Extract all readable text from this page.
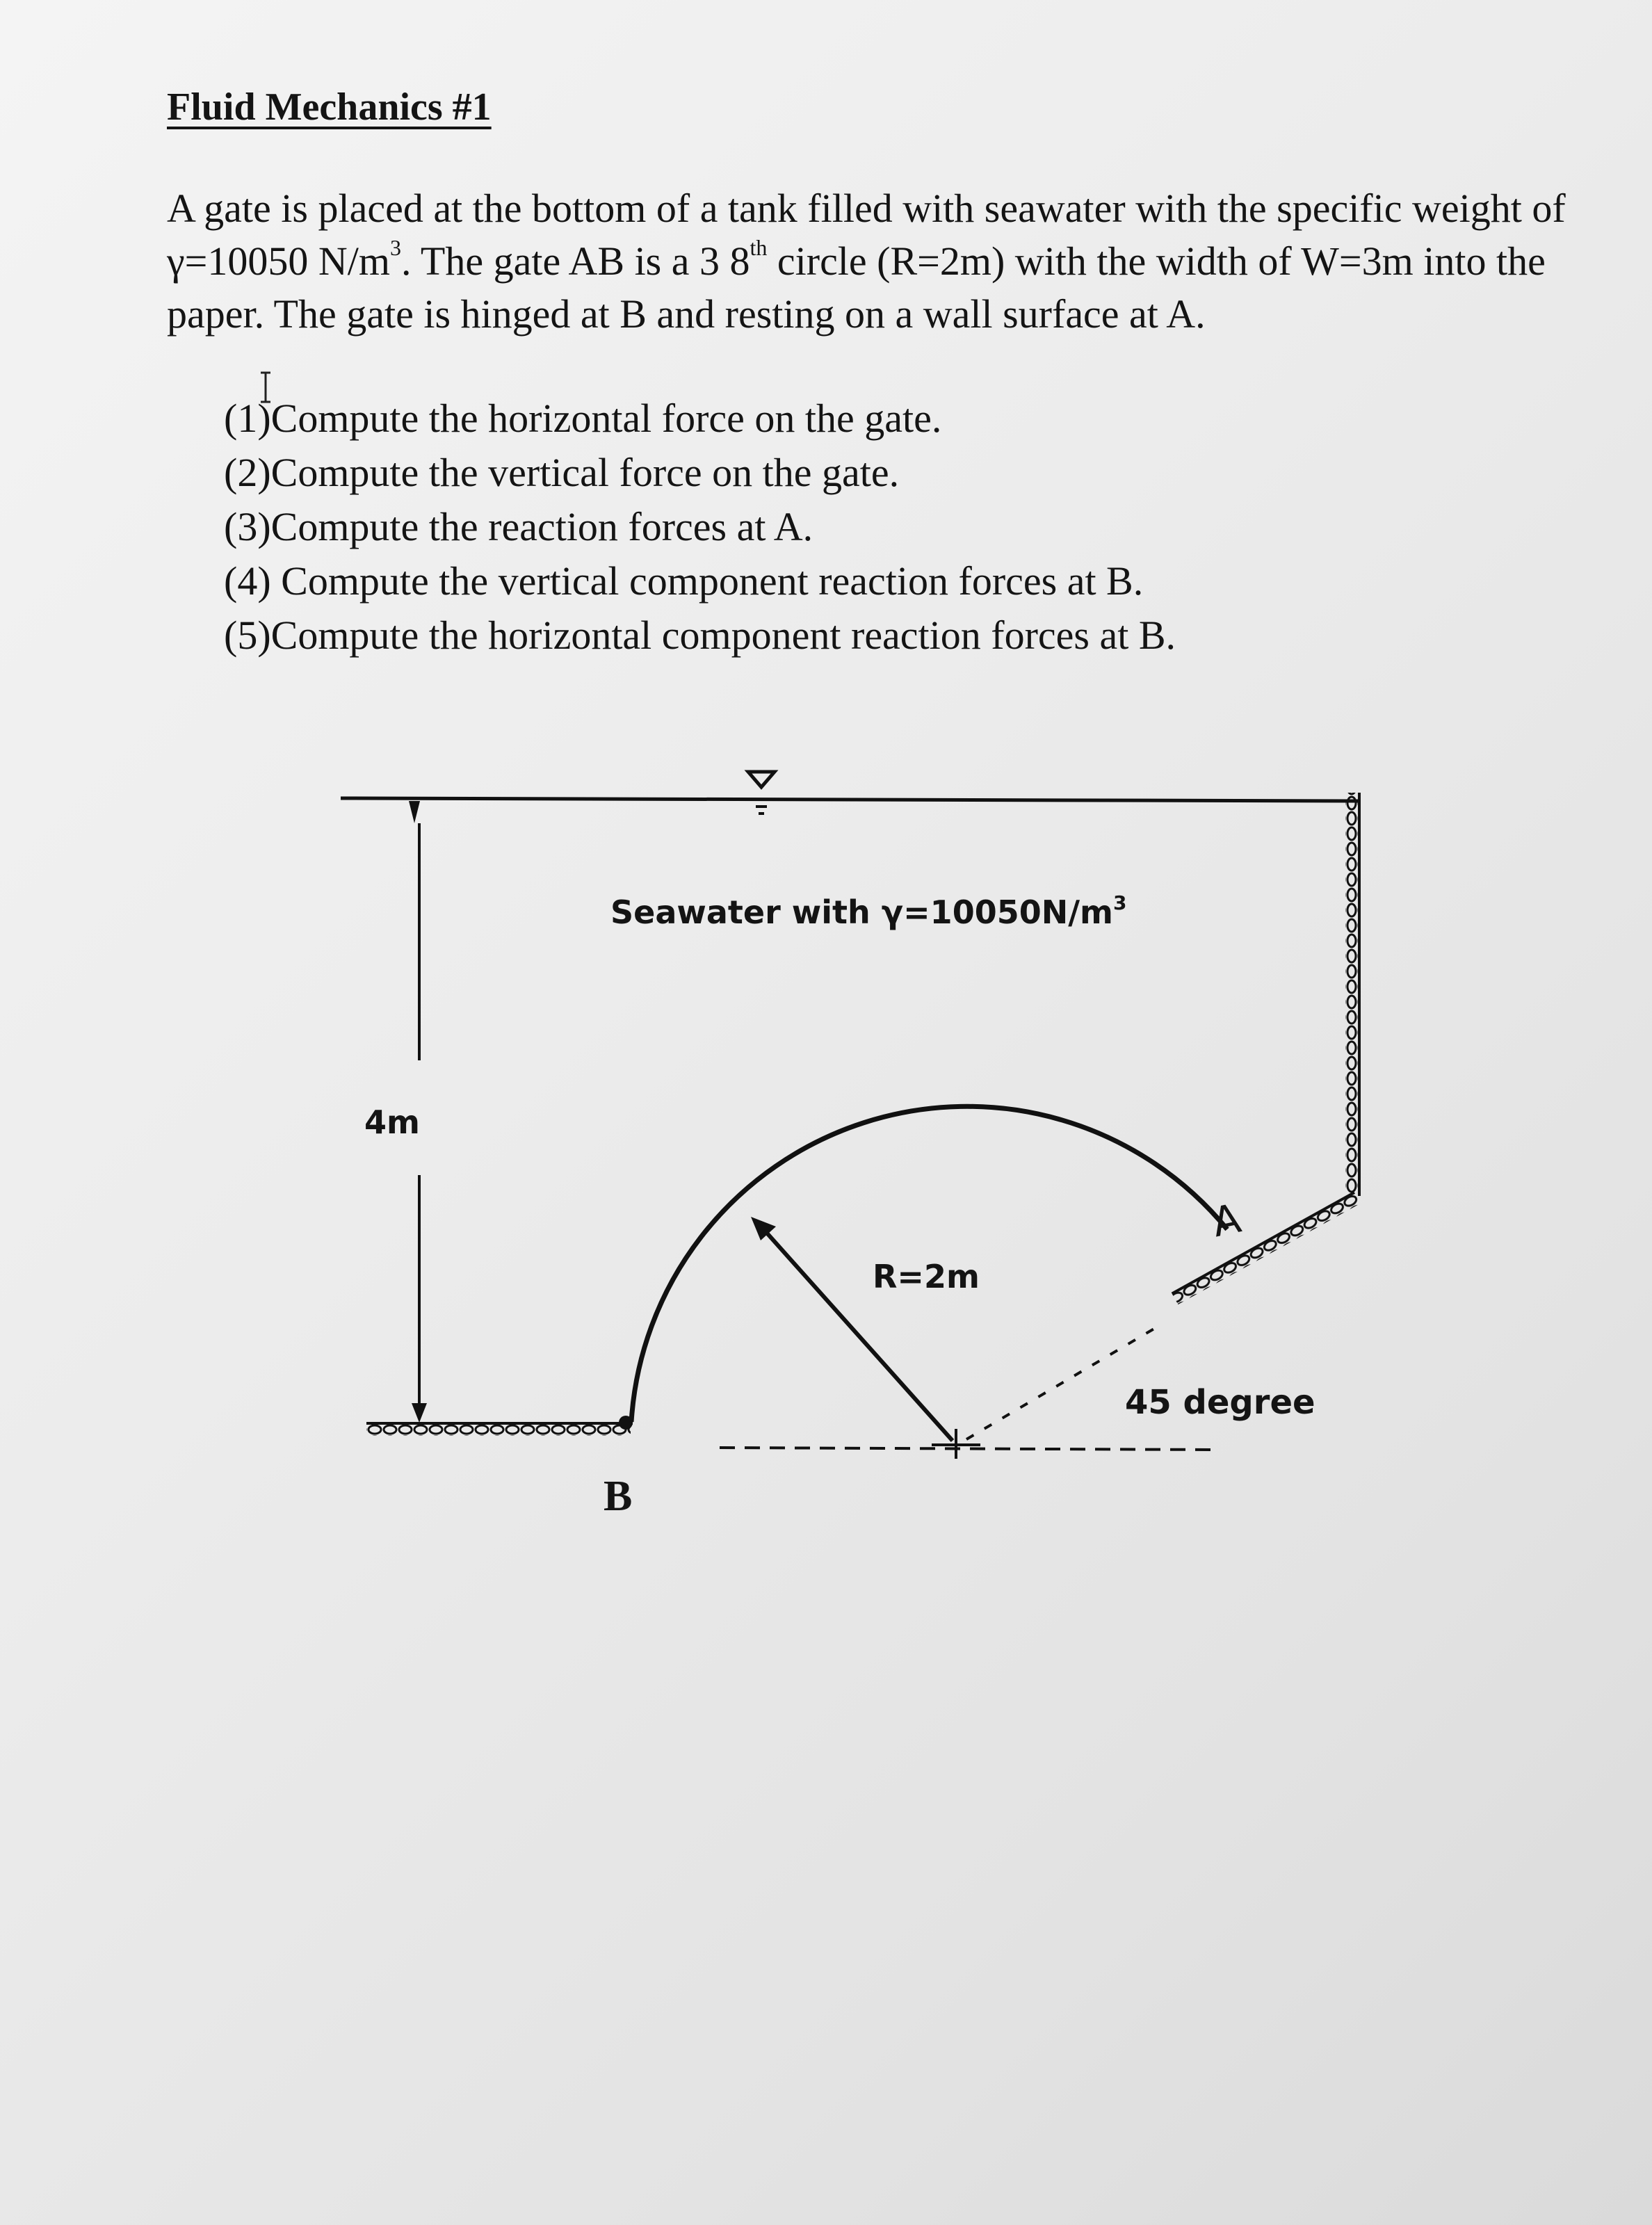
Fluid Mechanics #1

A gate is placed at the bottom of a tank filled with seawater with the specific weight of γ=10050 $N/m^3$. The gate AB is a 3 8th circle (R=2m) with the width of W=3m into the paper. The gate is hinged at B and resting on a wall surface at A.

(1)Compute the horizontal force on the gate.
(2)Compute the vertical force on the gate.
(3)Compute the reaction forces at A.
(4) Compute the vertical component reaction forces at B.
(5)Compute the horizontal component reaction forces at B.
Seawater with $\gamma=10050N/m^3$
4m
R=2m
45 degree
A
B
